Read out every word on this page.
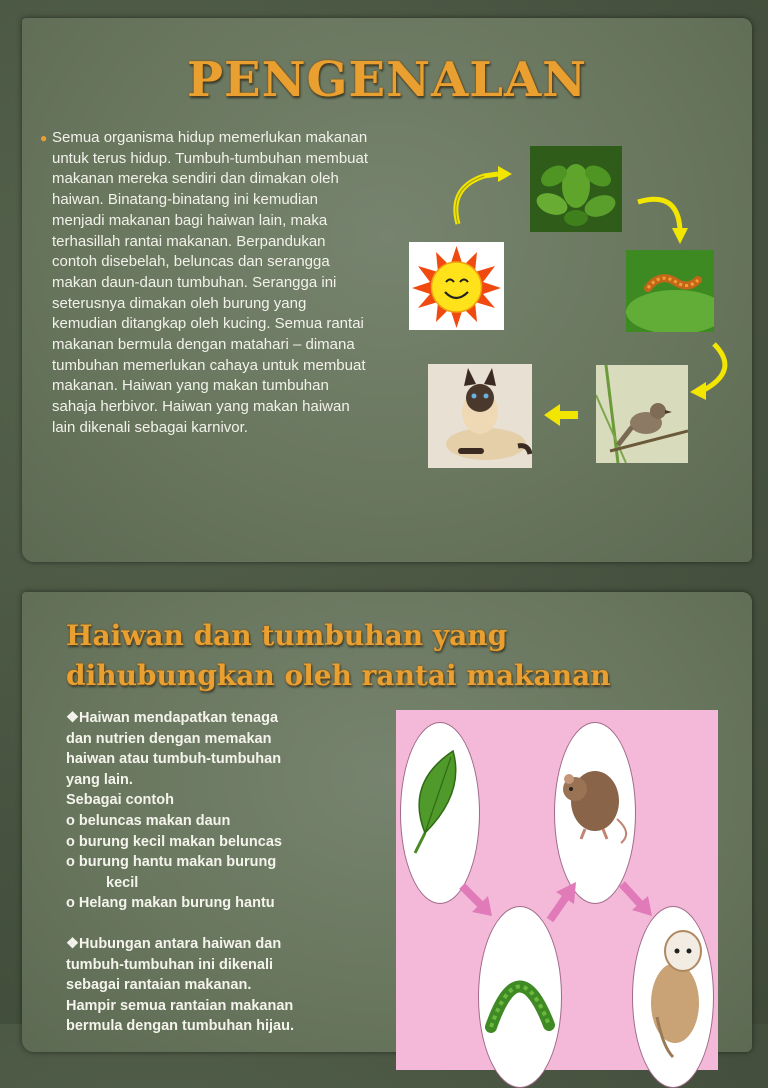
PENGENALAN
● Semua organisma hidup memerlukan makanan untuk terus hidup. Tumbuh-tumbuhan membuat makanan mereka sendiri dan dimakan oleh haiwan. Binatang-binatang ini kemudian menjadi makanan bagi haiwan lain, maka terhasillah rantai makanan. Berpandukan contoh disebelah, beluncas dan serangga makan daun-daun tumbuhan. Serangga ini seterusnya dimakan oleh burung yang kemudian ditangkap oleh kucing. Semua rantai makanan bermula dengan matahari – dimana tumbuhan memerlukan cahaya untuk membuat makanan. Haiwan yang makan tumbuhan sahaja herbivor. Haiwan yang makan haiwan lain dikenali sebagai karnivor.
Haiwan dan tumbuhan yang dihubungkan oleh rantai makanan

❖Haiwan mendapatkan tenaga

dan nutrien dengan memakan

haiwan atau tumbuh-tumbuhan

yang lain.

Sebagai contoh

o beluncas makan daun

o burung kecil makan beluncas

o burung hantu makan burung

kecil

o Helang makan burung hantu

❖Hubungan antara haiwan dan

tumbuh-tumbuhan ini dikenali

sebagai rantaian makanan.

Hampir semua rantaian makanan

bermula dengan tumbuhan hijau.
